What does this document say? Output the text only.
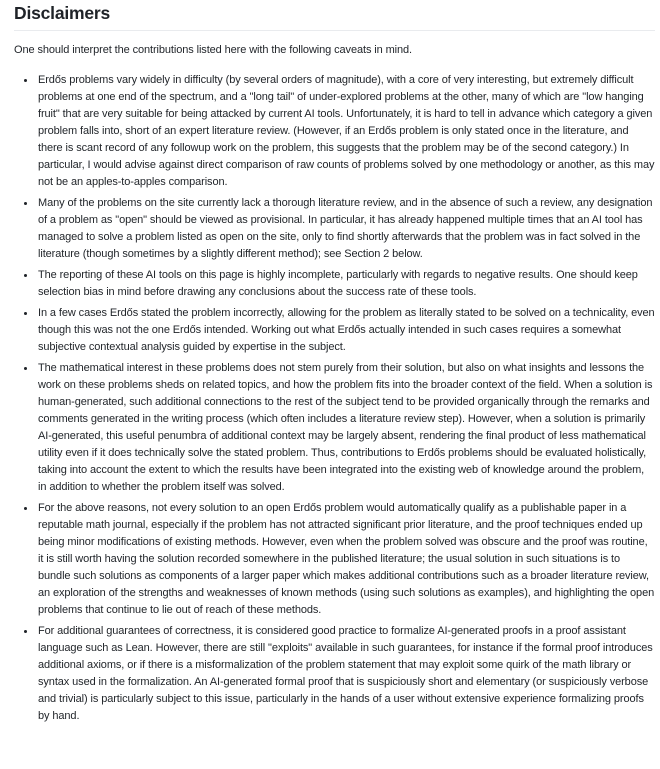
Disclaimers

One should interpret the contributions listed here with the following caveats in mind.

• Erdős problems vary widely in difficulty (by several orders of magnitude), with a core of very interesting, but extremely difficult problems at one end of the spectrum, and a "long tail" of under-explored problems at the other, many of which are "low hanging fruit" that are very suitable for being attacked by current AI tools. Unfortunately, it is hard to tell in advance which category a given problem falls into, short of an expert literature review. (However, if an Erdős problem is only stated once in the literature, and there is scant record of any followup work on the problem, this suggests that the problem may be of the second category.) In particular, I would advise against direct comparison of raw counts of problems solved by one methodology or another, as this may not be an apples-to-apples comparison.
• Many of the problems on the site currently lack a thorough literature review, and in the absence of such a review, any designation of a problem as "open" should be viewed as provisional. In particular, it has already happened multiple times that an AI tool has managed to solve a problem listed as open on the site, only to find shortly afterwards that the problem was in fact solved in the literature (though sometimes by a slightly different method); see Section 2 below.
• The reporting of these AI tools on this page is highly incomplete, particularly with regards to negative results. One should keep selection bias in mind before drawing any conclusions about the success rate of these tools.
• In a few cases Erdős stated the problem incorrectly, allowing for the problem as literally stated to be solved on a technicality, even though this was not the one Erdős intended. Working out what Erdős actually intended in such cases requires a somewhat subjective contextual analysis guided by expertise in the subject.
• The mathematical interest in these problems does not stem purely from their solution, but also on what insights and lessons the work on these problems sheds on related topics, and how the problem fits into the broader context of the field. When a solution is human-generated, such additional connections to the rest of the subject tend to be provided organically through the remarks and comments generated in the writing process (which often includes a literature review step). However, when a solution is primarily AI-generated, this useful penumbra of additional context may be largely absent, rendering the final product of less mathematical utility even if it does technically solve the stated problem. Thus, contributions to Erdős problems should be evaluated holistically, taking into account the extent to which the results have been integrated into the existing web of knowledge around the problem, in addition to whether the problem itself was solved.
• For the above reasons, not every solution to an open Erdős problem would automatically qualify as a publishable paper in a reputable math journal, especially if the problem has not attracted significant prior literature, and the proof techniques ended up being minor modifications of existing methods. However, even when the problem solved was obscure and the proof was routine, it is still worth having the solution recorded somewhere in the published literature; the usual solution in such situations is to bundle such solutions as components of a larger paper which makes additional contributions such as a broader literature review, an exploration of the strengths and weaknesses of known methods (using such solutions as examples), and highlighting the open problems that continue to lie out of reach of these methods.
• For additional guarantees of correctness, it is considered good practice to formalize AI-generated proofs in a proof assistant language such as Lean. However, there are still "exploits" available in such guarantees, for instance if the formal proof introduces additional axioms, or if there is a misformalization of the problem statement that may exploit some quirk of the math library or syntax used in the formalization. An AI-generated formal proof that is suspiciously short and elementary (or suspiciously verbose and trivial) is particularly subject to this issue, particularly in the hands of a user without extensive experience formalizing proofs by hand.
